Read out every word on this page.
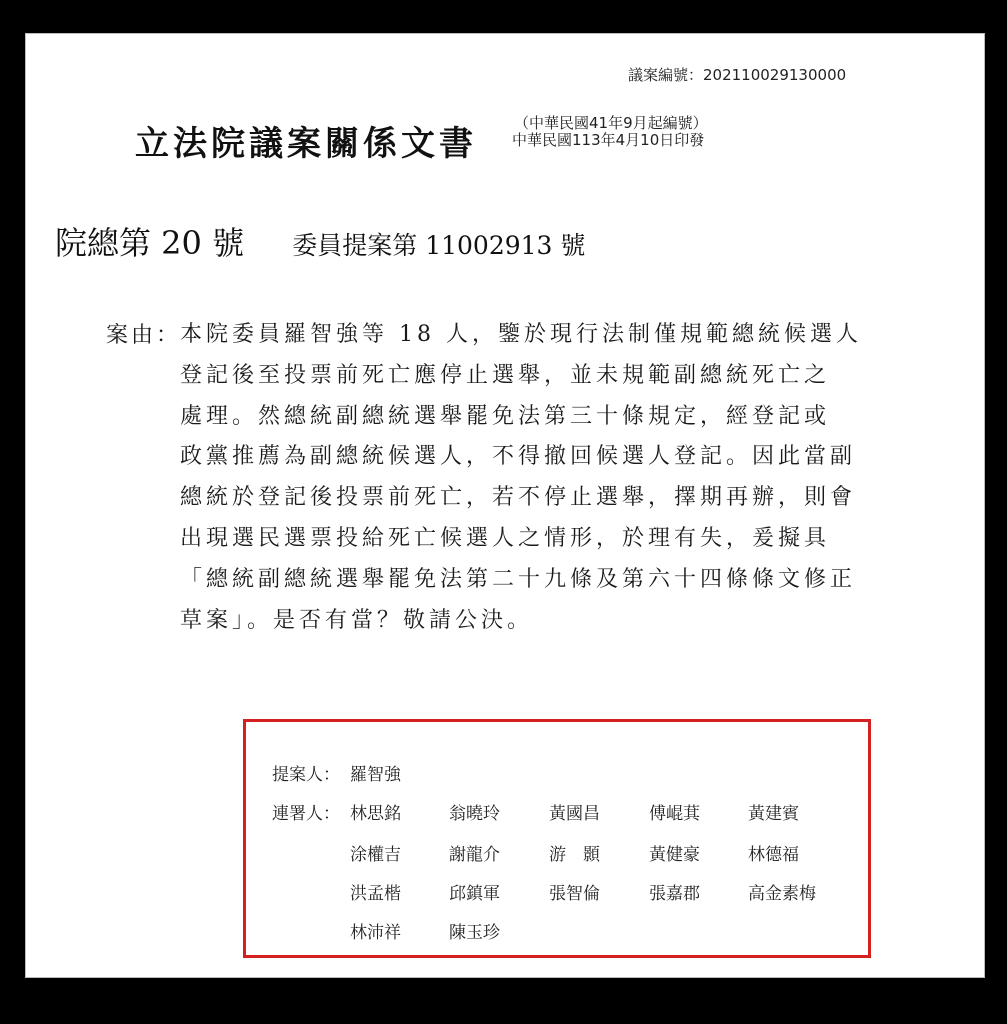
議案編號：202110029130000
立法院議案關係文書
（中華民國41年9月起編號）
中華民國113年4月10日印發
院總第 20 號 委員提案第 11002913 號
案由：
本院委員羅智強等 18 人，鑒於現行法制僅規範總統候選人
登記後至投票前死亡應停止選舉，並未規範副總統死亡之
處理。然總統副總統選舉罷免法第三十條規定，經登記或
政黨推薦為副總統候選人，不得撤回候選人登記。因此當副
總統於登記後投票前死亡，若不停止選舉，擇期再辦，則會
出現選民選票投給死亡候選人之情形，於理有失，爰擬具
「總統副總統選舉罷免法第二十九條及第六十四條條文修正
草案」。是否有當？敬請公決。
提案人： 羅智強
連署人： 林思銘	翁曉玲	黃國昌	傅崐萁	黃建賓
涂權吉	謝龍介	游　顥	黃健豪	林德福
洪孟楷	邱鎮軍	張智倫	張嘉郡	高金素梅
林沛祥	陳玉珍
